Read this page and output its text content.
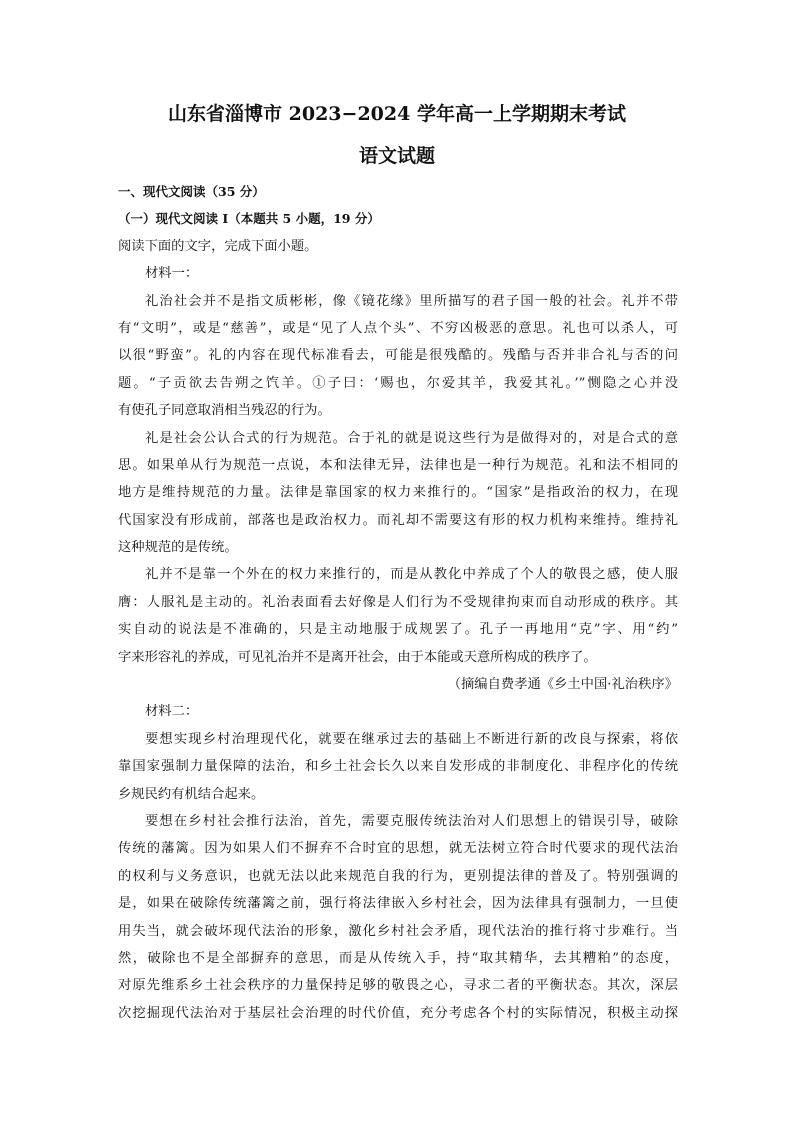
山东省淄博市 2023−2024 学年高一上学期期末考试
语文试题
一、现代文阅读（35 分）
（一）现代文阅读 I（本题共 5 小题，19 分）
阅读下面的文字，完成下面小题。
材料一：
礼治社会并不是指文质彬彬，像《镜花缘》里所描写的君子国一般的社会。礼并不带
有“文明”，或是“慈善”，或是“见了人点个头”、不穷凶极恶的意思。礼也可以杀人，可
以很“野蛮”。礼的内容在现代标准看去，可能是很残酷的。残酷与否并非合礼与否的问
题。“子贡欲去告朔之饩羊。①子曰：‘赐也，尔爱其羊，我爱其礼。’”恻隐之心并没
有使孔子同意取消相当残忍的行为。
礼是社会公认合式的行为规范。合于礼的就是说这些行为是做得对的，对是合式的意
思。如果单从行为规范一点说，本和法律无异，法律也是一种行为规范。礼和法不相同的
地方是维持规范的力量。法律是靠国家的权力来推行的。“国家”是指政治的权力，在现
代国家没有形成前，部落也是政治权力。而礼却不需要这有形的权力机构来维持。维持礼
这种规范的是传统。
礼并不是靠一个外在的权力来推行的，而是从教化中养成了个人的敬畏之感，使人服
膺：人服礼是主动的。礼治表面看去好像是人们行为不受规律拘束而自动形成的秩序。其
实自动的说法是不准确的，只是主动地服于成规罢了。孔子一再地用“克”字、用“约”
字来形容礼的养成，可见礼治并不是离开社会，由于本能或天意所构成的秩序了。
（摘编自费孝通《乡土中国·礼治秩序》
材料二：
要想实现乡村治理现代化，就要在继承过去的基础上不断进行新的改良与探索，将依
靠国家强制力量保障的法治，和乡土社会长久以来自发形成的非制度化、非程序化的传统
乡规民约有机结合起来。
要想在乡村社会推行法治，首先，需要克服传统法治对人们思想上的错误引导，破除
传统的藩篱。因为如果人们不摒弃不合时宜的思想，就无法树立符合时代要求的现代法治
的权利与义务意识，也就无法以此来规范自我的行为，更别提法律的普及了。特别强调的
是，如果在破除传统藩篱之前，强行将法律嵌入乡村社会，因为法律具有强制力，一旦使
用失当，就会破坏现代法治的形象，激化乡村社会矛盾，现代法治的推行将寸步难行。当
然，破除也不是全部摒弃的意思，而是从传统入手，持“取其精华，去其糟粕”的态度，
对原先维系乡土社会秩序的力量保持足够的敬畏之心，寻求二者的平衡状态。其次，深层
次挖掘现代法治对于基层社会治理的时代价值，充分考虑各个村的实际情况，积极主动探
